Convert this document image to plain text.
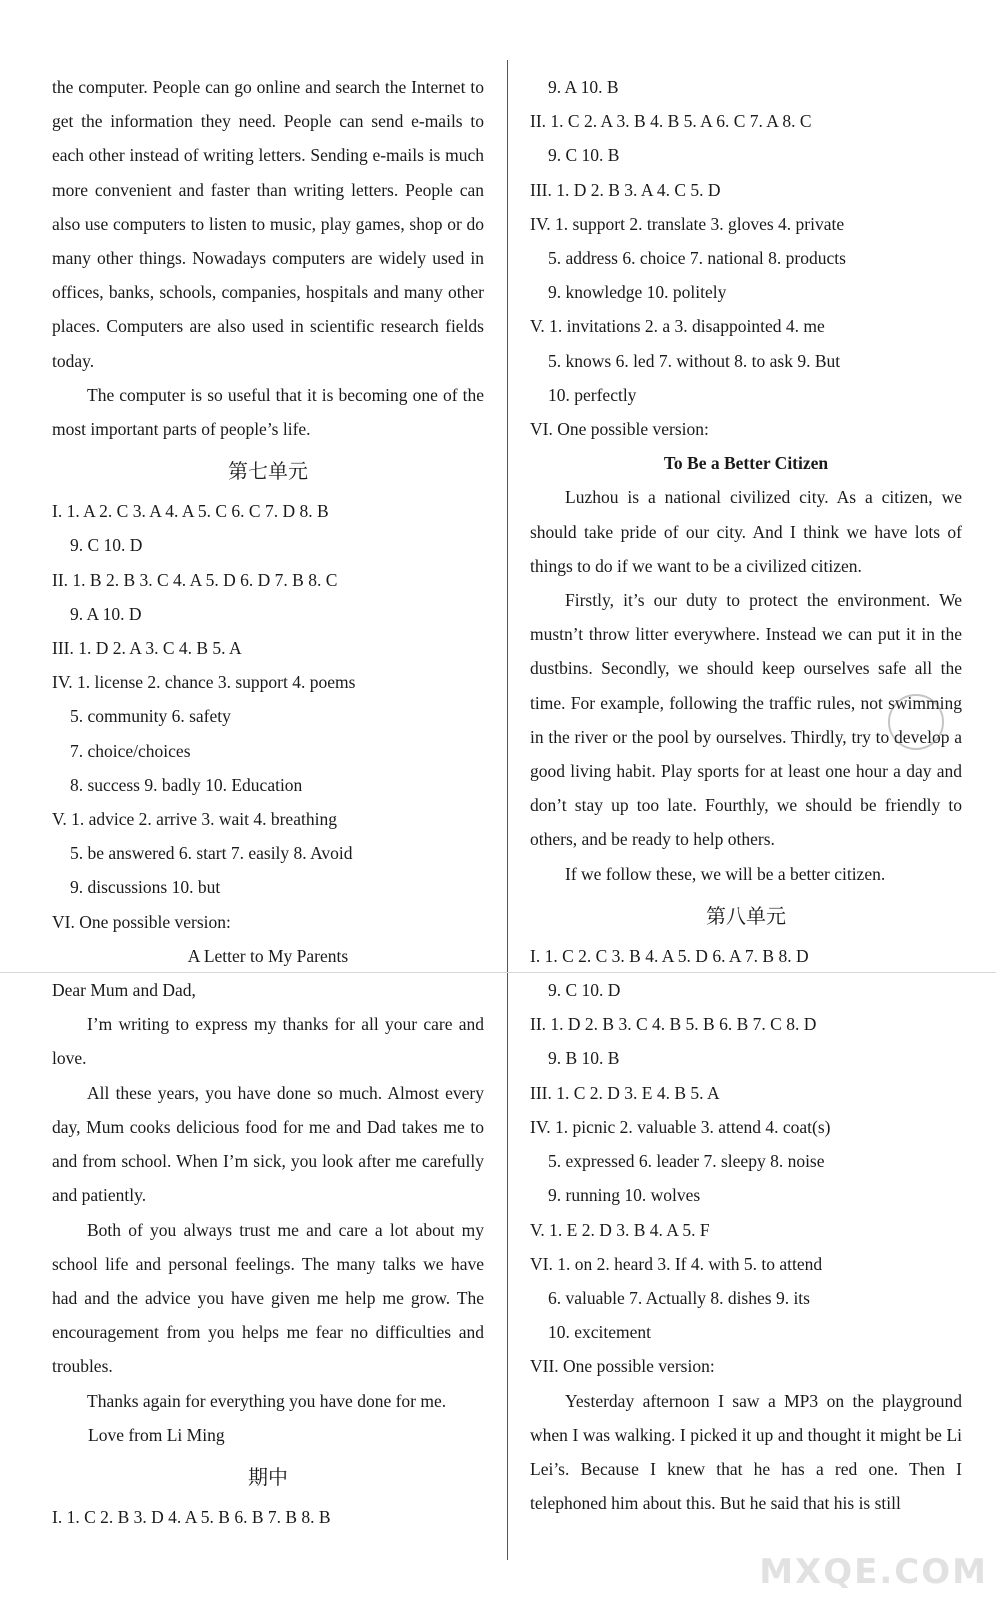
the computer. People can go online and search the Internet to get the information they need. People can send e-mails to each other instead of writing letters. Sending e-mails is much more convenient and faster than writing letters. People can also use computers to listen to music, play games, shop or do many other things. Nowadays computers are widely used in offices, banks, schools, companies, hospitals and many other places. Computers are also used in scientific research fields today.

The computer is so useful that it is becoming one of the most important parts of people’s life.

第七单元
I. 1. A 2. C 3. A 4. A 5. C 6. C 7. D 8. B
9. C 10. D
II. 1. B 2. B 3. C 4. A 5. D 6. D 7. B 8. C
9. A 10. D
III. 1. D 2. A 3. C 4. B 5. A
IV. 1. license 2. chance 3. support 4. poems
5. community 6. safety
7. choice/choices
8. success 9. badly 10. Education
V. 1. advice 2. arrive 3. wait 4. breathing
5. be answered 6. start 7. easily 8. Avoid
9. discussions 10. but
VI. One possible version:
A Letter to My Parents
Dear Mum and Dad,

I’m writing to express my thanks for all your care and love.

All these years, you have done so much. Almost every day, Mum cooks delicious food for me and Dad takes me to and from school. When I’m sick, you look after me carefully and patiently.

Both of you always trust me and care a lot about my school life and personal feelings. The many talks we have had and the advice you have given me help me grow. The encouragement from you helps me fear no difficulties and troubles.

Thanks again for everything you have done for me.

Love from Li Ming
期中
I. 1. C 2. B 3. D 4. A 5. B 6. B 7. B 8. B
9. A 10. B
II. 1. C 2. A 3. B 4. B 5. A 6. C 7. A 8. C
9. C 10. B
III. 1. D 2. B 3. A 4. C 5. D
IV. 1. support 2. translate 3. gloves 4. private
5. address 6. choice 7. national 8. products
9. knowledge 10. politely
V. 1. invitations 2. a 3. disappointed 4. me
5. knows 6. led 7. without 8. to ask 9. But
10. perfectly
VI. One possible version:
To Be a Better Citizen

Luzhou is a national civilized city. As a citizen, we should take pride of our city. And I think we have lots of things to do if we want to be a civilized citizen.

Firstly, it’s our duty to protect the environment. We mustn’t throw litter everywhere. Instead we can put it in the dustbins. Secondly, we should keep ourselves safe all the time. For example, following the traffic rules, not swimming in the river or the pool by ourselves. Thirdly, try to develop a good living habit. Play sports for at least one hour a day and don’t stay up too late. Fourthly, we should be friendly to others, and be ready to help others.

If we follow these, we will be a better citizen.

第八单元
I. 1. C 2. C 3. B 4. A 5. D 6. A 7. B 8. D
9. C 10. D
II. 1. D 2. B 3. C 4. B 5. B 6. B 7. C 8. D
9. B 10. B
III. 1. C 2. D 3. E 4. B 5. A
IV. 1. picnic 2. valuable 3. attend 4. coat(s)
5. expressed 6. leader 7. sleepy 8. noise
9. running 10. wolves
V. 1. E 2. D 3. B 4. A 5. F
VI. 1. on 2. heard 3. If 4. with 5. to attend
6. valuable 7. Actually 8. dishes 9. its
10. excitement
VII. One possible version:

Yesterday afternoon I saw a MP3 on the playground when I was walking. I picked it up and thought it might be Li Lei’s. Because I knew that he has a red one. Then I telephoned him about this. But he said that his is still

MXQE.COM
